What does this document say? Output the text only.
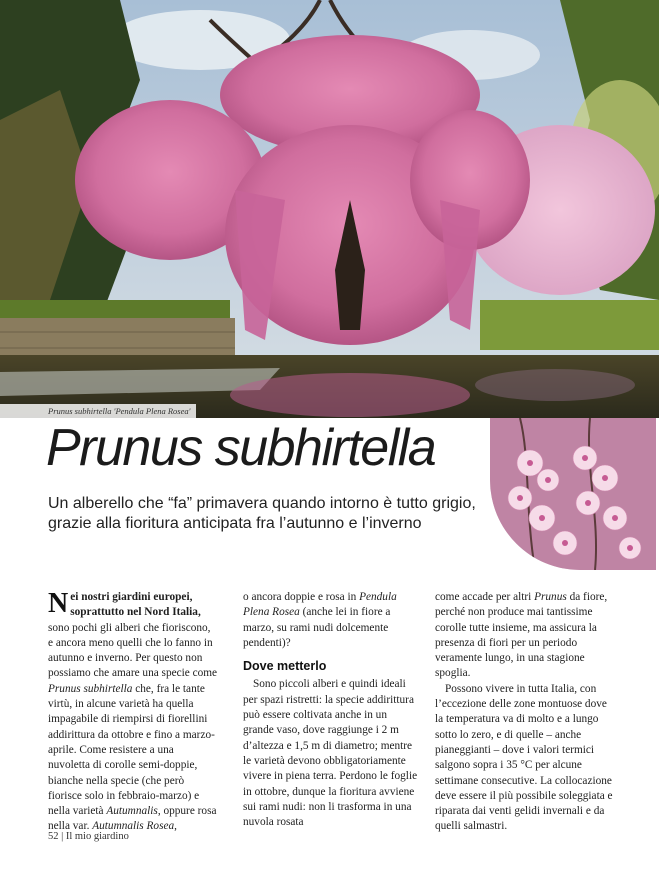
Prunus subhirtella 'Pendula Plena Rosea'
Prunus subhirtella

Un alberello che “fa” primavera quando intorno è tutto grigio, grazie alla fioritura anticipata fra l’autunno e l’inverno

Nei nostri giardini europei, soprattutto nel Nord Italia, sono pochi gli alberi che fioriscono, e ancora meno quelli che lo fanno in autunno e inverno. Per questo non possiamo che amare una specie come Prunus subhirtella che, fra le tante virtù, in alcune varietà ha quella impagabile di riempirsi di fiorellini addirittura da ottobre e fino a marzo-aprile. Come resistere a una nuvoletta di corolle semi-doppie, bianche nella specie (che però fiorisce solo in febbraio-marzo) e nella varietà Autumnalis, oppure rosa nella var. Autumnalis Rosea,

o ancora doppie e rosa in Pendula Plena Rosea (anche lei in fiore a marzo, su rami nudi dolcemente pendenti)?

Dove metterlo

Sono piccoli alberi e quindi ideali per spazi ristretti: la specie addirittura può essere coltivata anche in un grande vaso, dove raggiunge i 2 m d’altezza e 1,5 m di diametro; mentre le varietà devono obbligatoriamente vivere in piena terra. Perdono le foglie in ottobre, dunque la fioritura avviene sui rami nudi: non li trasforma in una nuvola rosata

come accade per altri Prunus da fiore, perché non produce mai tantissime corolle tutte insieme, ma assicura la presenza di fiori per un periodo veramente lungo, in una stagione spoglia.

Possono vivere in tutta Italia, con l’eccezione delle zone montuose dove la temperatura va di molto e a lungo sotto lo zero, e di quelle – anche pianeggianti – dove i valori termici salgono sopra i 35 °C per alcune settimane consecutive. La collocazione deve essere il più possibile soleggiata e riparata dai venti gelidi invernali e da quelli salmastri.

52 | Il mio giardino
